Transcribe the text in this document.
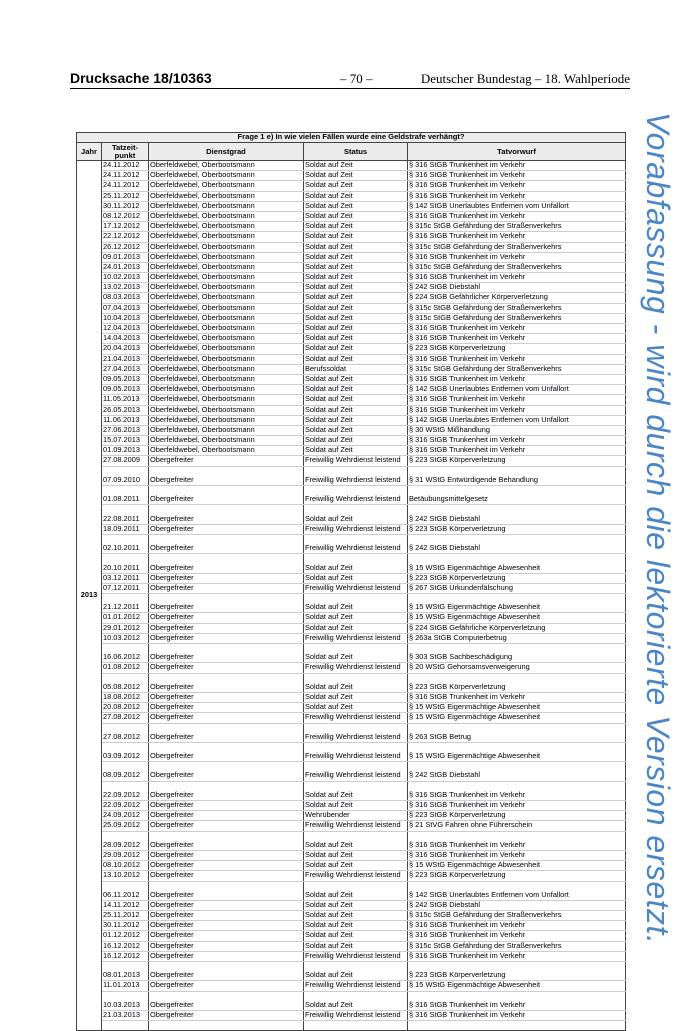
Drucksache 18/10363	– 70 –	Deutscher Bundestag – 18. Wahlperiode
Vorabfassung - wird durch die lektorierte Version ersetzt.
Frage 1 e) In wie vielen Fällen wurde eine Geldstrafe verhängt?				
Jahr	Tatzeit-
punkt	Dienstgrad	Status	Tatvorwurf
2013	24.11.2012	Oberfeldwebel, Oberbootsmann	Soldat auf Zeit	§ 316 StGB Trunkenheit im Verkehr
	24.11.2012	Oberfeldwebel, Oberbootsmann	Soldat auf Zeit	§ 316 StGB Trunkenheit im Verkehr
	24.11.2012	Oberfeldwebel, Oberbootsmann	Soldat auf Zeit	§ 316 StGB Trunkenheit im Verkehr
	25.11.2012	Oberfeldwebel, Oberbootsmann	Soldat auf Zeit	§ 316 StGB Trunkenheit im Verkehr
	30.11.2012	Oberfeldwebel, Oberbootsmann	Soldat auf Zeit	§ 142 StGB Unerlaubtes Entfernen vom Unfallort
	08.12.2012	Oberfeldwebel, Oberbootsmann	Soldat auf Zeit	§ 316 StGB Trunkenheit im Verkehr
	17.12.2012	Oberfeldwebel, Oberbootsmann	Soldat auf Zeit	§ 315c StGB Gefährdung der Straßenverkehrs
	22.12.2012	Oberfeldwebel, Oberbootsmann	Soldat auf Zeit	§ 316 StGB Trunkenheit im Verkehr
	26.12.2012	Oberfeldwebel, Oberbootsmann	Soldat auf Zeit	§ 315c StGB Gefährdung der Straßenverkehrs
	09.01.2013	Oberfeldwebel, Oberbootsmann	Soldat auf Zeit	§ 316 StGB Trunkenheit im Verkehr
	24.01.2013	Oberfeldwebel, Oberbootsmann	Soldat auf Zeit	§ 315c StGB Gefährdung der Straßenverkehrs
	10.02.2013	Oberfeldwebel, Oberbootsmann	Soldat auf Zeit	§ 316 StGB Trunkenheit im Verkehr
	13.02.2013	Oberfeldwebel, Oberbootsmann	Soldat auf Zeit	§ 242 StGB Diebstahl
	08.03.2013	Oberfeldwebel, Oberbootsmann	Soldat auf Zeit	§ 224 StGB Gefährlicher Körperverletzung
	07.04.2013	Oberfeldwebel, Oberbootsmann	Soldat auf Zeit	§ 315c StGB Gefährdung der Straßenverkehrs
	10.04.2013	Oberfeldwebel, Oberbootsmann	Soldat auf Zeit	§ 315c StGB Gefährdung der Straßenverkehrs
	12.04.2013	Oberfeldwebel, Oberbootsmann	Soldat auf Zeit	§ 316 StGB Trunkenheit im Verkehr
	14.04.2013	Oberfeldwebel, Oberbootsmann	Soldat auf Zeit	§ 316 StGB Trunkenheit im Verkehr
	20.04.2013	Oberfeldwebel, Oberbootsmann	Soldat auf Zeit	§ 223 StGB Körperverletzung
	21.04.2013	Oberfeldwebel, Oberbootsmann	Soldat auf Zeit	§ 316 StGB Trunkenheit im Verkehr
	27.04.2013	Oberfeldwebel, Oberbootsmann	Berufssoldat	§ 315c StGB Gefährdung der Straßenverkehrs
	09.05.2013	Oberfeldwebel, Oberbootsmann	Soldat auf Zeit	§ 316 StGB Trunkenheit im Verkehr
	09.05.2013	Oberfeldwebel, Oberbootsmann	Soldat auf Zeit	§ 142 StGB Unerlaubtes Entfernen vom Unfallort
	11.05.2013	Oberfeldwebel, Oberbootsmann	Soldat auf Zeit	§ 316 StGB Trunkenheit im Verkehr
	26.05.2013	Oberfeldwebel, Oberbootsmann	Soldat auf Zeit	§ 316 StGB Trunkenheit im Verkehr
	11.06.2013	Oberfeldwebel, Oberbootsmann	Soldat auf Zeit	§ 142 StGB Unerlaubtes Entfernen vom Unfallort
	27.06.2013	Oberfeldwebel, Oberbootsmann	Soldat auf Zeit	§ 30 WStG Mißhandlung
	15.07.2013	Oberfeldwebel, Oberbootsmann	Soldat auf Zeit	§ 316 StGB Trunkenheit im Verkehr
	01.09.2013	Oberfeldwebel, Oberbootsmann	Soldat auf Zeit	§ 316 StGB Trunkenheit im Verkehr
	27.08.2009	Obergefreiter	Freiwillig Wehrdienst leistend	§ 223 StGB Körperverletzung

	07.09.2010	Obergefreiter	Freiwillig Wehrdienst leistend	§ 31 WStG Entwürdigende Behandlung

	01.08.2011	Obergefreiter	Freiwillig Wehrdienst leistend	Betäubungsmittelgesetz

	22.08.2011	Obergefreiter	Soldat auf Zeit	§ 242 StGB Diebstahl
	18.09.2011	Obergefreiter	Freiwillig Wehrdienst leistend	§ 223 StGB Körperverletzung

	02.10.2011	Obergefreiter	Freiwillig Wehrdienst leistend	§ 242 StGB Diebstahl

	20.10.2011	Obergefreiter	Soldat auf Zeit	§ 15 WStG Eigenmächtige Abwesenheit
	03.12.2011	Obergefreiter	Soldat auf Zeit	§ 223 StGB Körperverletzung
	07.12.2011	Obergefreiter	Freiwillig Wehrdienst leistend	§ 267 StGB Urkundenfälschung

	21.12.2011	Obergefreiter	Soldat auf Zeit	§ 15 WStG Eigenmächtige Abwesenheit
	01.01.2012	Obergefreiter	Soldat auf Zeit	§ 15 WStG Eigenmächtige Abwesenheit
	29.01.2012	Obergefreiter	Soldat auf Zeit	§ 224 StGB Gefährliche Körperverletzung
	10.03.2012	Obergefreiter	Freiwillig Wehrdienst leistend	§ 263a StGB Computerbetrug

	16.06.2012	Obergefreiter	Soldat auf Zeit	§ 303 StGB Sachbeschädigung
	01.08.2012	Obergefreiter	Freiwillig Wehrdienst leistend	§ 20 WStG Gehorsamsverweigerung

	05.08.2012	Obergefreiter	Soldat auf Zeit	§ 223 StGB Körperverletzung
	18.08.2012	Obergefreiter	Soldat auf Zeit	§ 316 StGB Trunkenheit im Verkehr
	20.08.2012	Obergefreiter	Soldat auf Zeit	§ 15 WStG Eigenmächtige Abwesenheit
	27.08.2012	Obergefreiter	Freiwillig Wehrdienst leistend	§ 15 WStG Eigenmächtige Abwesenheit

	27.08.2012	Obergefreiter	Freiwillig Wehrdienst leistend	§ 263 StGB Betrug

	03.09.2012	Obergefreiter	Freiwillig Wehrdienst leistend	§ 15 WStG Eigenmächtige Abwesenheit

	08.09.2012	Obergefreiter	Freiwillig Wehrdienst leistend	§ 242 StGB Diebstahl

	22.09.2012	Obergefreiter	Soldat auf Zeit	§ 316 StGB Trunkenheit im Verkehr
	22.09.2012	Obergefreiter	Soldat auf Zeit	§ 316 StGB Trunkenheit im Verkehr
	24.09.2012	Obergefreiter	Wehrübender	§ 223 StGB Körperverletzung
	25.09.2012	Obergefreiter	Freiwillig Wehrdienst leistend	§ 21 StVG Fahren ohne Führerschein

	28.09.2012	Obergefreiter	Soldat auf Zeit	§ 316 StGB Trunkenheit im Verkehr
	29.09.2012	Obergefreiter	Soldat auf Zeit	§ 316 StGB Trunkenheit im Verkehr
	08.10.2012	Obergefreiter	Soldat auf Zeit	§ 15 WStG Eigenmächtige Abwesenheit
	13.10.2012	Obergefreiter	Freiwillig Wehrdienst leistend	§ 223 StGB Körperverletzung

	06.11.2012	Obergefreiter	Soldat auf Zeit	§ 142 StGB Unerlaubtes Entfernen vom Unfallort
	14.11.2012	Obergefreiter	Soldat auf Zeit	§ 242 StGB Diebstahl
	25.11.2012	Obergefreiter	Soldat auf Zeit	§ 315c StGB Gefährdung der Straßenverkehrs
	30.11.2012	Obergefreiter	Soldat auf Zeit	§ 316 StGB Trunkenheit im Verkehr
	01.12.2012	Obergefreiter	Soldat auf Zeit	§ 316 StGB Trunkenheit im Verkehr
	16.12.2012	Obergefreiter	Soldat auf Zeit	§ 315c StGB Gefährdung der Straßenverkehrs
	16.12.2012	Obergefreiter	Freiwillig Wehrdienst leistend	§ 316 StGB Trunkenheit im Verkehr

	08.01.2013	Obergefreiter	Soldat auf Zeit	§ 223 StGB Körperverletzung
	11.01.2013	Obergefreiter	Freiwillig Wehrdienst leistend	§ 15 WStG Eigenmächtige Abwesenheit

	10.03.2013	Obergefreiter	Soldat auf Zeit	§ 316 StGB Trunkenheit im Verkehr
	21.03.2013	Obergefreiter	Freiwillig Wehrdienst leistend	§ 316 StGB Trunkenheit im Verkehr
